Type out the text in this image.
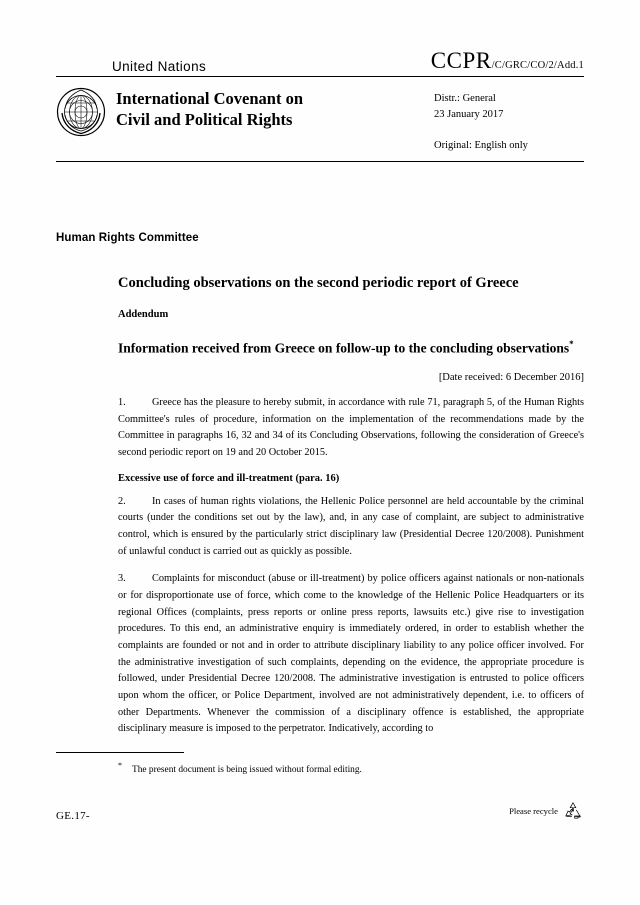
United Nations	CCPR/C/GRC/CO/2/Add.1
International Covenant on
Civil and Political Rights
Distr.: General
23 January 2017
Original: English only
Human Rights Committee
Concluding observations on the second periodic report of Greece
Addendum
Information received from Greece on follow-up to the concluding observations*
[Date received: 6 December 2016]

1.	Greece has the pleasure to hereby submit, in accordance with rule 71, paragraph 5, of the Human Rights Committee's rules of procedure, information on the implementation of the recommendations made by the Committee in paragraphs 16, 32 and 34 of its Concluding Observations, following the consideration of Greece's second periodic report on 19 and 20 October 2015.

Excessive use of force and ill-treatment (para. 16)

2.	In cases of human rights violations, the Hellenic Police personnel are held accountable by the criminal courts (under the conditions set out by the law), and, in any case of complaint, are subject to administrative control, which is ensured by the particularly strict disciplinary law (Presidential Decree 120/2008). Punishment of unlawful conduct is carried out as quickly as possible.

3.	Complaints for misconduct (abuse or ill-treatment) by police officers against nationals or non-nationals or for disproportionate use of force, which come to the knowledge of the Hellenic Police Headquarters or its regional Offices (complaints, press reports or online press reports, lawsuits etc.) give rise to investigation procedures. To this end, an administrative enquiry is immediately ordered, in order to establish whether the complaints are founded or not and in order to attribute disciplinary liability to any police officer involved. For the administrative investigation of such complaints, depending on the evidence, the appropriate procedure is followed, under Presidential Decree 120/2008. The administrative investigation is entrusted to police officers upon whom the officer, or Police Department, involved are not administratively dependent, i.e. to officers of other Departments. Whenever the commission of a disciplinary offence is established, the appropriate disciplinary measure is imposed to the perpetrator. Indicatively, according to

* The present document is being issued without formal editing.
GE.17-	Please recycle
